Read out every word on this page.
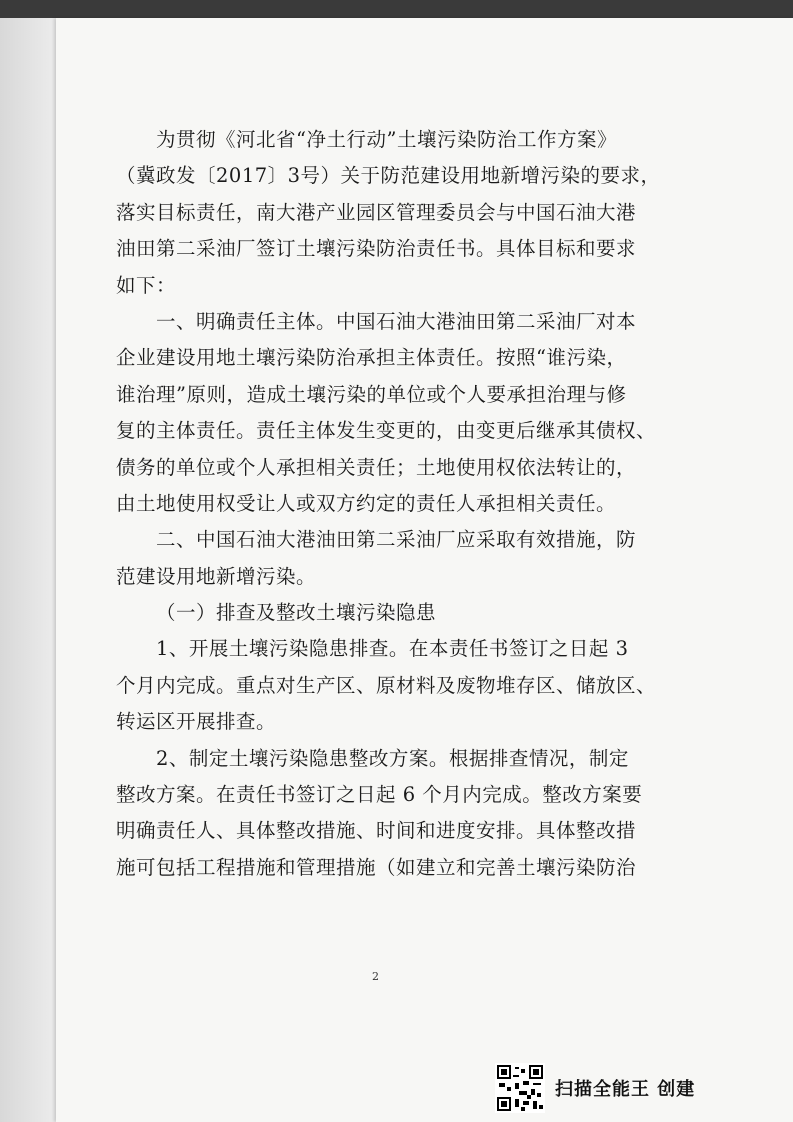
为贯彻《河北省“净土行动”土壤污染防治工作方案》
（冀政发〔2017〕3号）关于防范建设用地新增污染的要求，
落实目标责任，南大港产业园区管理委员会与中国石油大港
油田第二采油厂签订土壤污染防治责任书。具体目标和要求
如下：
一、明确责任主体。中国石油大港油田第二采油厂对本
企业建设用地土壤污染防治承担主体责任。按照“谁污染，
谁治理”原则，造成土壤污染的单位或个人要承担治理与修
复的主体责任。责任主体发生变更的，由变更后继承其债权、
债务的单位或个人承担相关责任；土地使用权依法转让的，
由土地使用权受让人或双方约定的责任人承担相关责任。
二、中国石油大港油田第二采油厂应采取有效措施，防
范建设用地新增污染。
（一）排查及整改土壤污染隐患
1、开展土壤污染隐患排查。在本责任书签订之日起 3
个月内完成。重点对生产区、原材料及废物堆存区、储放区、
转运区开展排查。
2、制定土壤污染隐患整改方案。根据排查情况，制定
整改方案。在责任书签订之日起 6 个月内完成。整改方案要
明确责任人、具体整改措施、时间和进度安排。具体整改措
施可包括工程措施和管理措施（如建立和完善土壤污染防治
2
扫描全能王 创建
